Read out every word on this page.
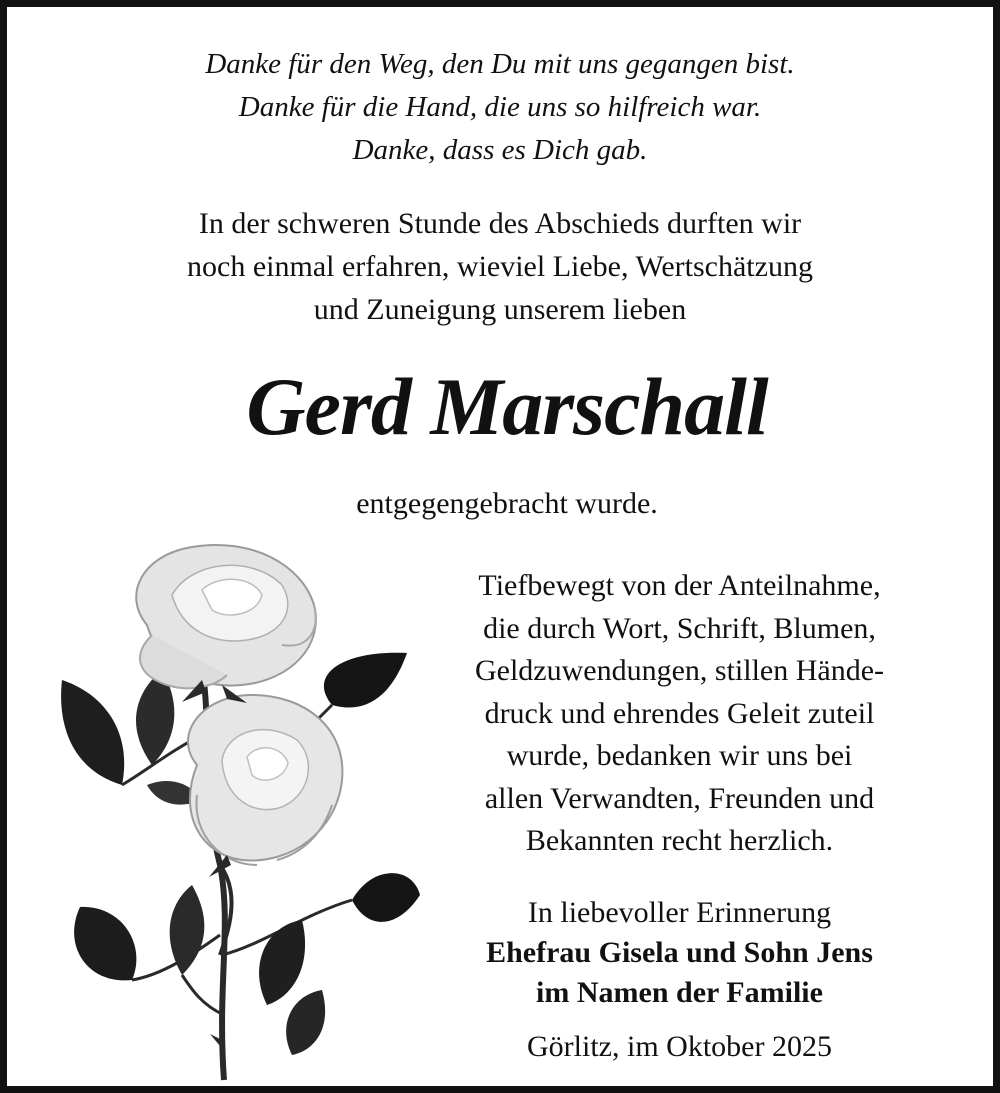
Danke für den Weg, den Du mit uns gegangen bist.
Danke für die Hand, die uns so hilfreich war.
Danke, dass es Dich gab.
In der schweren Stunde des Abschieds durften wir
noch einmal erfahren, wieviel Liebe, Wertschätzung
und Zuneigung unserem lieben
Gerd Marschall
entgegengebracht wurde.
Tiefbewegt von der Anteilnahme,
die durch Wort, Schrift, Blumen,
Geldzuwendungen, stillen Hände-
druck und ehrendes Geleit zuteil
wurde, bedanken wir uns bei
allen Verwandten, Freunden und
Bekannten recht herzlich.
In liebevoller Erinnerung
Ehefrau Gisela und Sohn Jens
im Namen der Familie
Görlitz, im Oktober 2025
